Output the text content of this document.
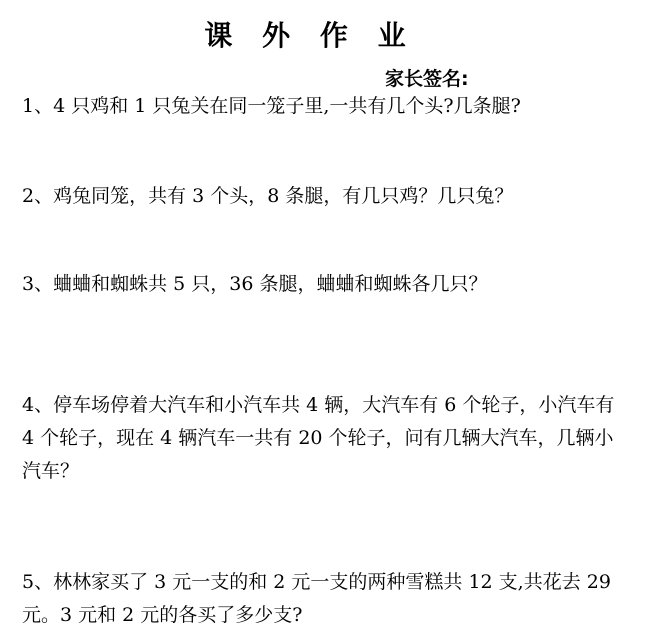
课 外 作 业
家长签名:

1、4 只鸡和 1 只兔关在同一笼子里,一共有几个头?几条腿?

2、鸡兔同笼，共有 3 个头，8 条腿，有几只鸡？几只兔？

3、蛐蛐和蜘蛛共 5 只，36 条腿，蛐蛐和蜘蛛各几只？

4、停车场停着大汽车和小汽车共 4 辆，大汽车有 6 个轮子，小汽车有 4 个轮子，现在 4 辆汽车一共有 20 个轮子，问有几辆大汽车，几辆小汽车？

5、林林家买了 3 元一支的和 2 元一支的两种雪糕共 12 支,共花去 29 元。3 元和 2 元的各买了多少支?
